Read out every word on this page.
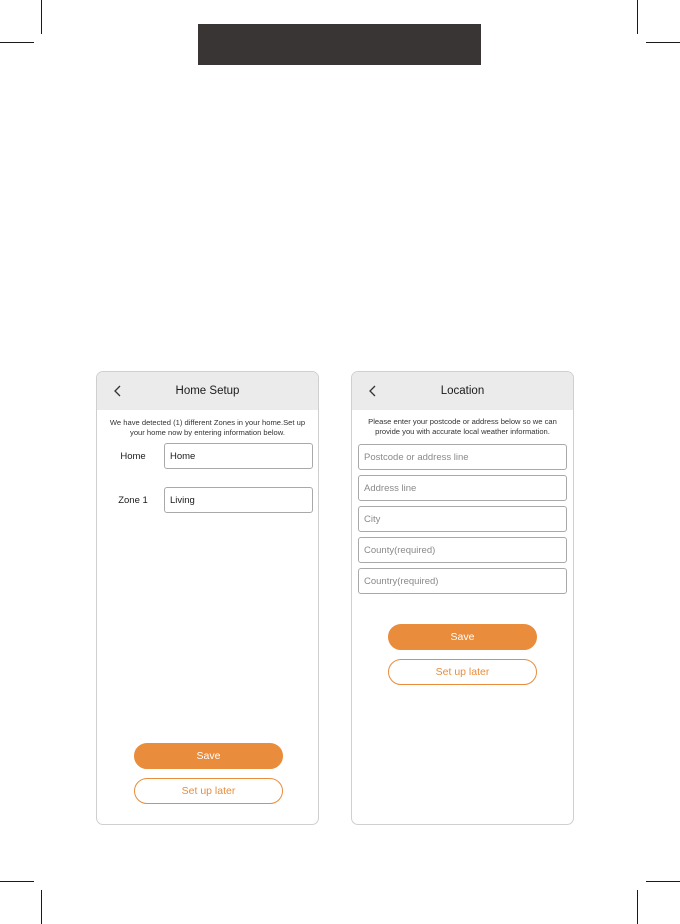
Home Setup

We have detected (1) different Zones in your home.Set up your home now by entering information below.

Home
Home
Zone 1
Living
Save
Set up later
Location

Please enter your postcode or address below so we can provide you with accurate local weather information.

Postcode or address line
Address line
City
County(required)
Country(required)
Save
Set up later
